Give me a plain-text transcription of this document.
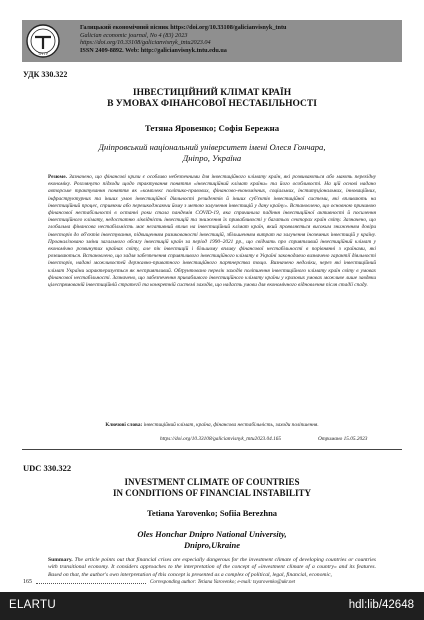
ТНТУ
Галицький економічний вісник https://doi.org/10.33108/galicianvisnyk_tntu
Galician economic journal, No 4 (83) 2023
https://doi.org/10.33108/galicianvisnyk_tntu2023.04
ISSN 2409-8892. Web: http://galicianvisnyk.tntu.edu.ua
УДК 330.322
ІНВЕСТИЦІЙНИЙ КЛІМАТ КРАЇН
В УМОВАХ ФІНАНСОВОЇ НЕСТАБІЛЬНОСТІ
Тетяна Яровенко; Софія Бережна
Дніпровський національний університет імені Олеся Гончара,
Дніпро, Україна
Резюме. Зазначено, що фінансові кризи є особливо небезпечними для інвестиційного клімату країн, які розвиваються або мають перехідну економіку. Розглянуто підходи щодо трактування поняття «інвестиційний клімат країни» та його особливості. На цій основі надано авторське трактування поняття як «комплекс політико-правових, фінансово-економічних, соціальних, інституціональних, інноваційних, інфраструктурних та інших умов інвестиційної діяльності резидентів й інших суб'єктів інвестиційної системи, які впливають на інвестиційний процес, сприяючи або перешкоджаючи йому з метою залучення інвестицій у дану країну». Встановлено, що основною причиною фінансової нестабільності в останні роки стала пандемія COVID-19, яка спричинила падіння інвестиційної активності й посилення інвестиційного клімату, недостатню ліквідність інвестицій та зниження їх привабливості у багатьох секторах країн світу. Зазначено, що глобальна фінансова нестабільність має негативний вплив на інвестиційний клімат країн, який проявляється високим зниженням довіри інвесторів до об'єктів інвестування, підвищенням ризикованості інвестицій, збільшенням витрат на залучення іноземних інвестицій у країну. Проаналізовано зміни загального обсягу інвестицій країн за період 1990–2021 рр., що свідчать про сприятливий інвестиційний клімат у економічно розвинутих країнах світу, але пік інвестицій і більшому впливу фінансової нестабільності в порівнянні з країнами, які розвиваються. Встановлено, що задля забезпечення сприятливого інвестиційного клімату в Україні законодавчо визначено гарантії діяльності інвесторів, надані можливостей державно-приватного інвестиційного партнерства тощо. Визначено недоліки, через які інвестиційний клімат України характеризується як несприятливий. Обґрунтовано перелік заходів поліпшення інвестиційного клімату країн світу в умовах фінансової нестабільності. Зазначено, що забезпечення привабливого інвестиційного клімату країни у кризових умовах можливе лише завдяки цілеспрямованій інвестиційній стратегії та конкретній системі заходів, що надасть умови для економічного відновлення після стадії спаду.
Ключові слова: інвестиційний клімат, країна, фінансова нестабільність, заходи поліпшення.
https://doi.org/10.33108/galicianvisnyk_tntu2023.04.165	Отримано 15.05.2023
UDC 330.322
INVESTMENT CLIMATE OF COUNTRIES
IN CONDITIONS OF FINANCIAL INSTABILITY
Tetiana Yarovenko; Sofiia Berezhna
Oles Honchar Dnipro National University,
Dnipro,Ukraine
Summary. The article points out that financial crises are especially dangerous for the investment climate of developing countries or countries with transitional economy. It considers approaches to the interpretation of the concept of «investment climate of a country» and its features. Based on that, the author's own interpretation of this concept is presented as a complex of political, legal, financial, economic,
165	Corresponding author: Tetiana Yarovenko; e-mail: tsyarovenko@ukr.net
ELARTU	hdl:lib/42648
